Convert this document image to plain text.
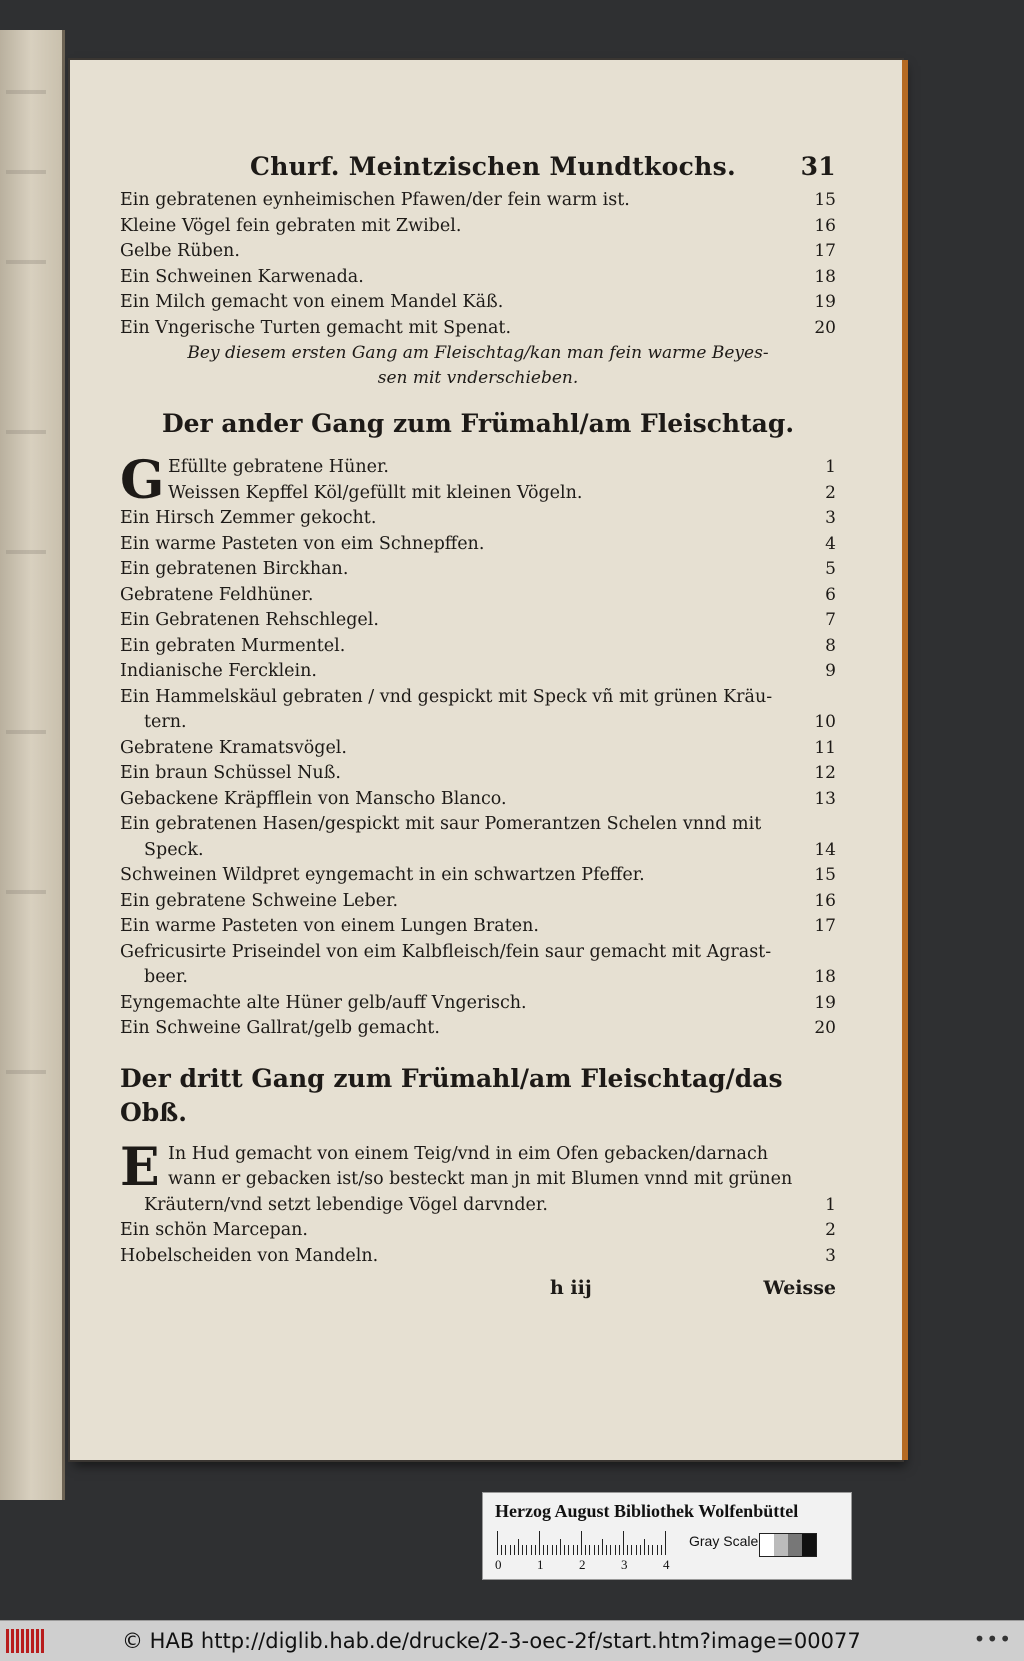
Churf. Meintzischen Mundtkochs.	31
Ein gebratenen eynheimischen Pfawen/der fein warm ist.	15
Kleine Vögel fein gebraten mit Zwibel.	16
Gelbe Rüben.	17
Ein Schweinen Karwenada.	18
Ein Milch gemacht von einem Mandel Käß.	19
Ein Vngerische Turten gemacht mit Spenat.	20
Bey diesem ersten Gang am Fleischtag/kan man fein warme Beyes-
sen mit vnderschieben.
Der ander Gang zum Frümahl/am Fleischtag.
G Efüllte gebratene Hüner.	1
Weissen Kepffel Köl/gefüllt mit kleinen Vögeln.	2
Ein Hirsch Zemmer gekocht.	3
Ein warme Pasteten von eim Schnepffen.	4
Ein gebratenen Birckhan.	5
Gebratene Feldhüner.	6
Ein Gebratenen Rehschlegel.	7
Ein gebraten Murmentel.	8
Indianische Fercklein.	9
Ein Hammelskäul gebraten / vnd gespickt mit Speck vñ mit grünen Kräu-
tern.	10
Gebratene Kramatsvögel.	11
Ein braun Schüssel Nuß.	12
Gebackene Kräpfflein von Manscho Blanco.	13
Ein gebratenen Hasen/gespickt mit saur Pomerantzen Schelen vnnd mit
Speck.	14
Schweinen Wildpret eyngemacht in ein schwartzen Pfeffer.	15
Ein gebratene Schweine Leber.	16
Ein warme Pasteten von einem Lungen Braten.	17
Gefricusirte Priseindel von eim Kalbfleisch/fein saur gemacht mit Agrast-
beer.	18
Eyngemachte alte Hüner gelb/auff Vngerisch.	19
Ein Schweine Gallrat/gelb gemacht.	20
Der dritt Gang zum Frümahl/am Fleischtag/das Obß.
E In Hud gemacht von einem Teig/vnd in eim Ofen gebacken/darnach
wann er gebacken ist/so besteckt man jn mit Blumen vnnd mit grünen
Kräutern/vnd setzt lebendige Vögel darvnder.	1
Ein schön Marcepan.	2
Hobelscheiden von Mandeln.	3
h iij	Weisse
Herzog August Bibliothek Wolfenbüttel
0	1	2	3	4
Gray Scale
© HAB http://diglib.hab.de/drucke/2-3-oec-2f/start.htm?image=00077	•••
